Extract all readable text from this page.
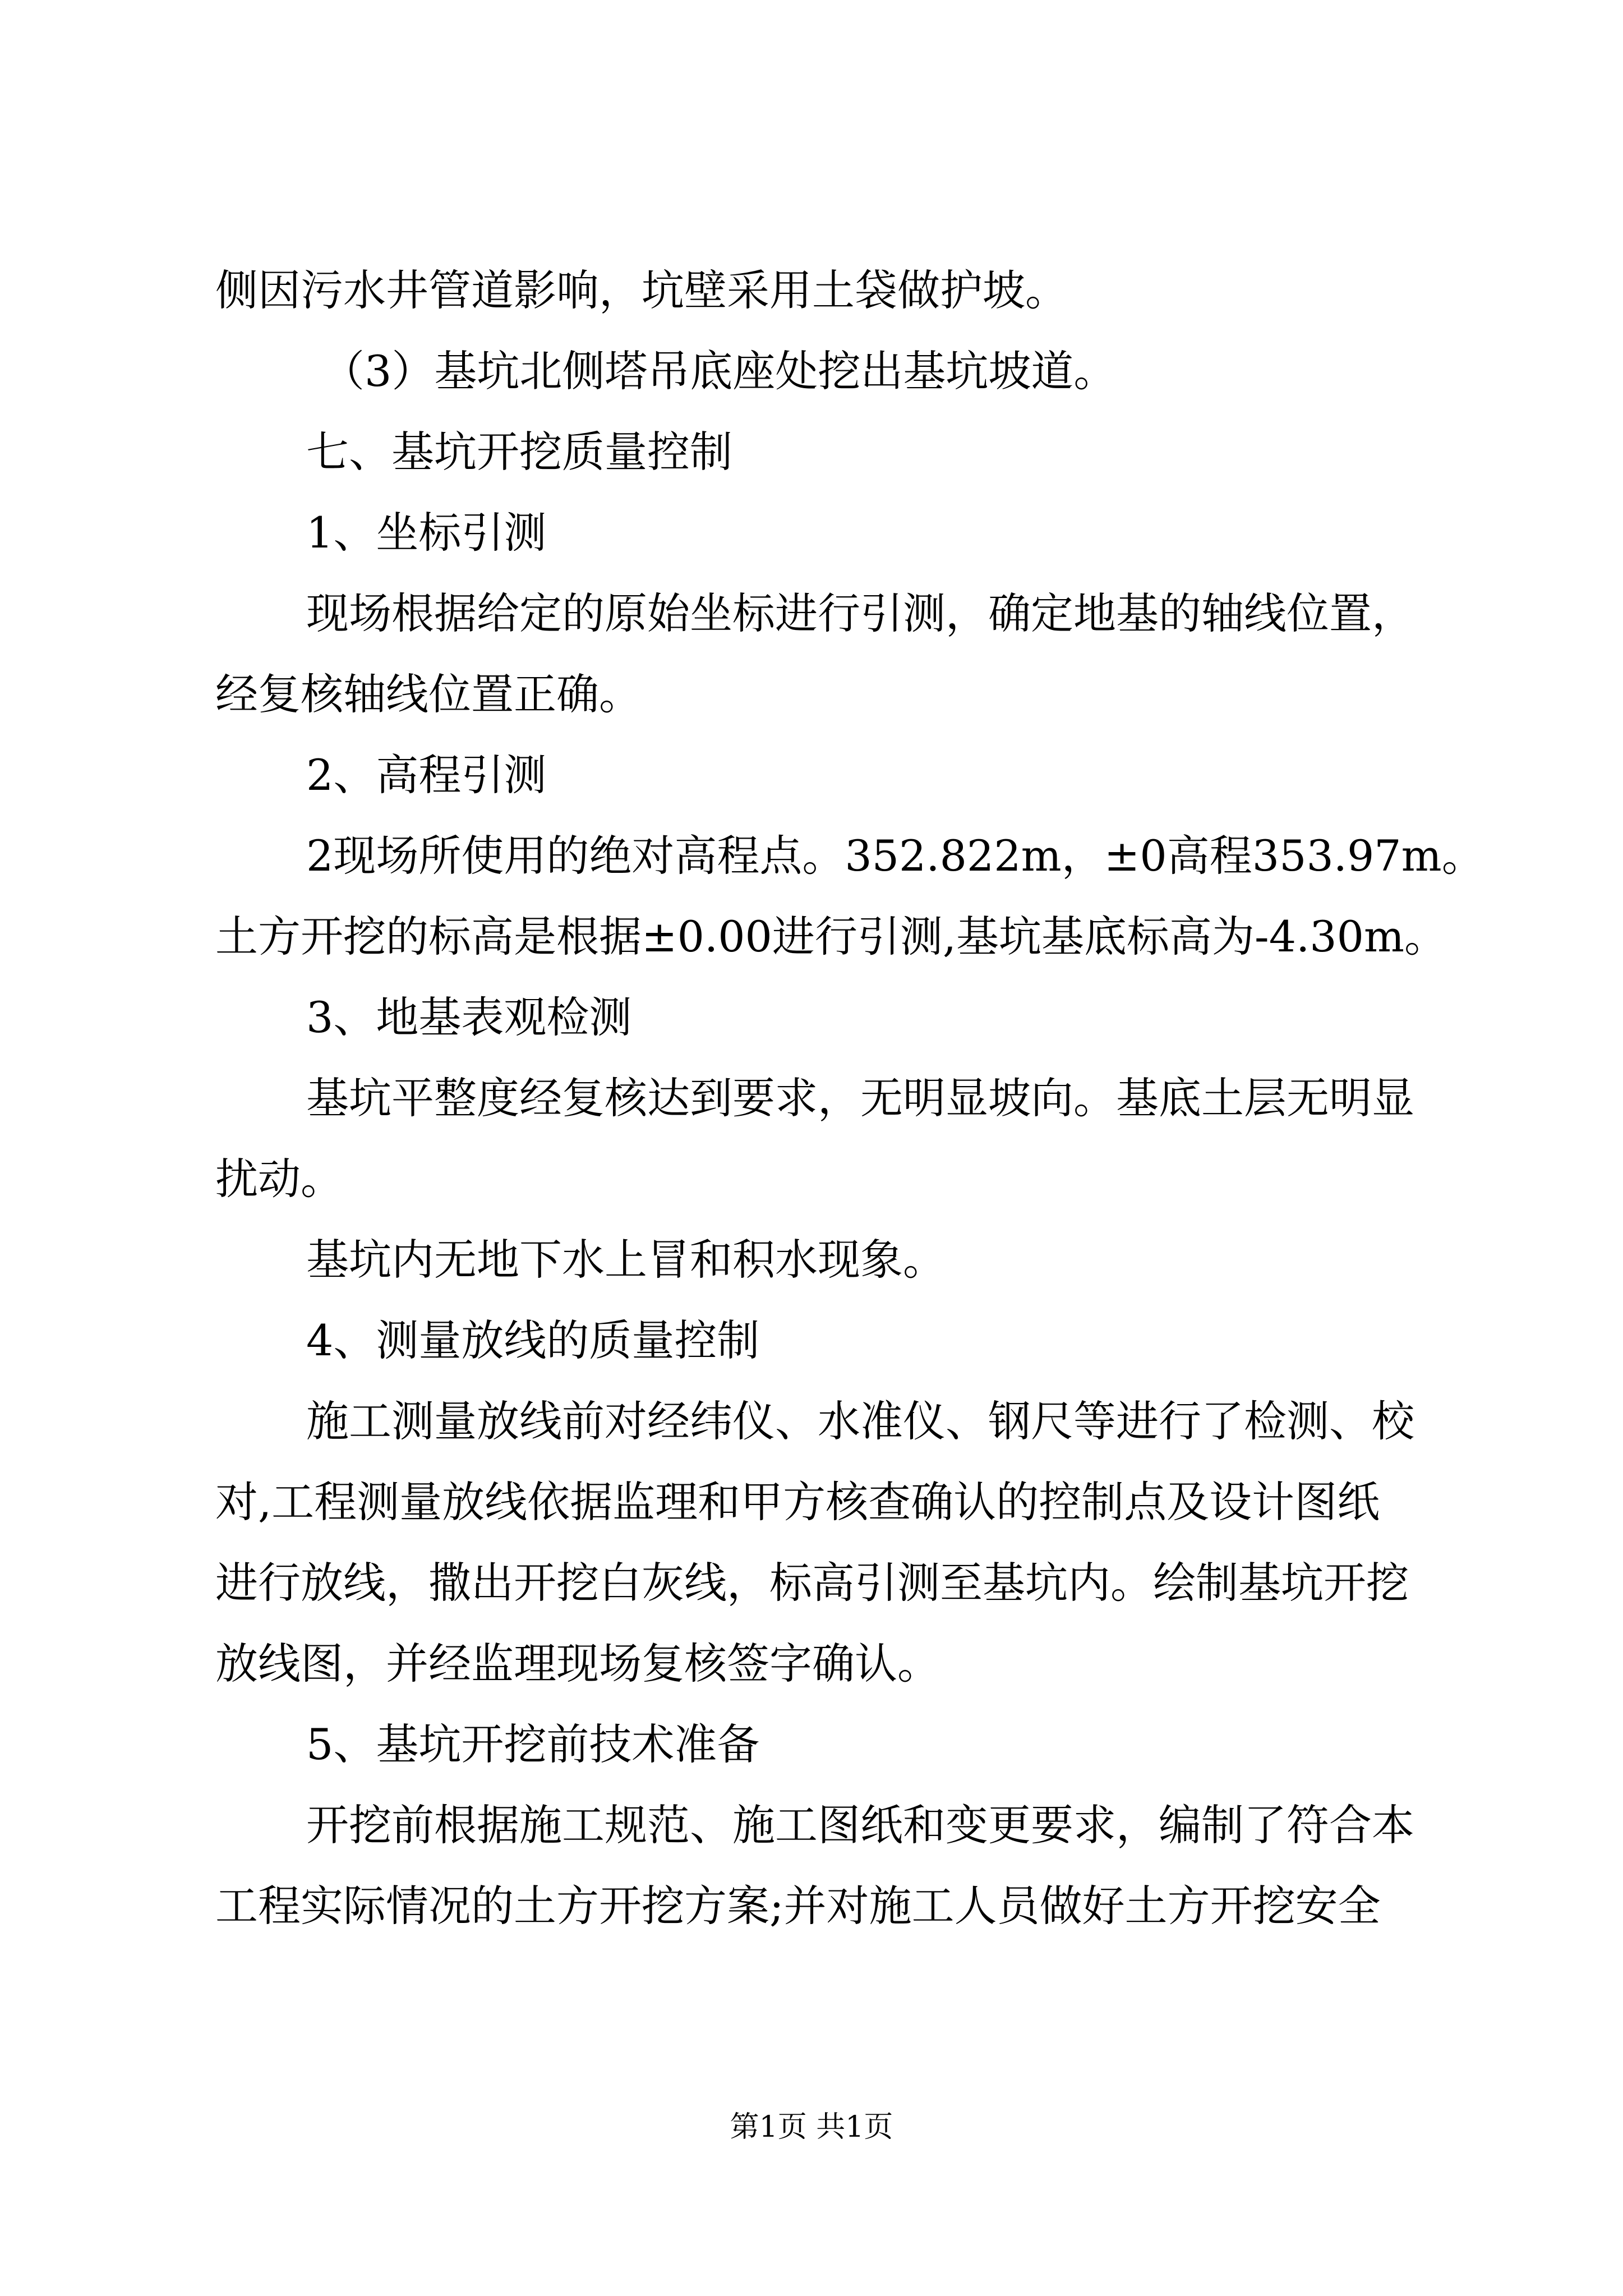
侧因污水井管道影响，坑壁采用土袋做护坡。
（3）基坑北侧塔吊底座处挖出基坑坡道。
七、基坑开挖质量控制
1、坐标引测
现场根据给定的原始坐标进行引测，确定地基的轴线位置，
经复核轴线位置正确。
2、高程引测
2现场所使用的绝对高程点。352.822m，±0高程353.97m。
土方开挖的标高是根据±0.00进行引测,基坑基底标高为-4.30m。
3、地基表观检测
基坑平整度经复核达到要求，无明显坡向。基底土层无明显
扰动。
基坑内无地下水上冒和积水现象。
4、测量放线的质量控制
施工测量放线前对经纬仪、水准仪、钢尺等进行了检测、校
对,工程测量放线依据监理和甲方核查确认的控制点及设计图纸
进行放线，撒出开挖白灰线，标高引测至基坑内。绘制基坑开挖
放线图，并经监理现场复核签字确认。
5、基坑开挖前技术准备
开挖前根据施工规范、施工图纸和变更要求，编制了符合本
工程实际情况的土方开挖方案;并对施工人员做好土方开挖安全
第1页 共1页
